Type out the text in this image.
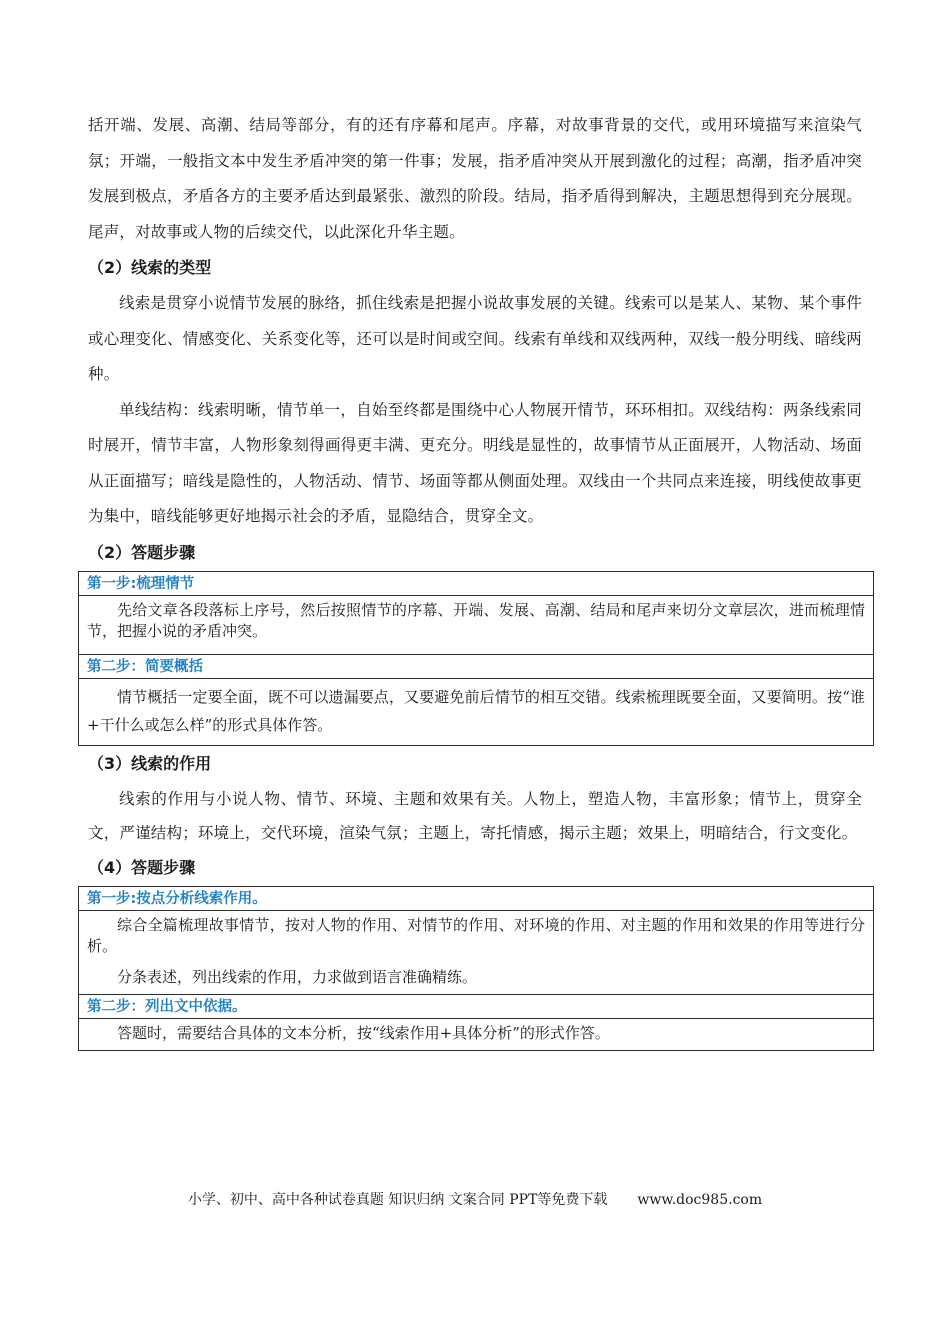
括开端、发展、高潮、结局等部分，有的还有序幕和尾声。序幕，对故事背景的交代，或用环境描写来渲染气氛；开端，一般指文本中发生矛盾冲突的第一件事；发展，指矛盾冲突从开展到激化的过程；高潮，指矛盾冲突发展到极点，矛盾各方的主要矛盾达到最紧张、激烈的阶段。结局，指矛盾得到解决，主题思想得到充分展现。尾声，对故事或人物的后续交代，以此深化升华主题。

（2）线索的类型

线索是贯穿小说情节发展的脉络，抓住线索是把握小说故事发展的关键。线索可以是某人、某物、某个事件或心理变化、情感变化、关系变化等，还可以是时间或空间。线索有单线和双线两种，双线一般分明线、暗线两种。

单线结构：线索明晰，情节单一，自始至终都是围绕中心人物展开情节，环环相扣。双线结构：两条线索同时展开，情节丰富，人物形象刻得画得更丰满、更充分。明线是显性的，故事情节从正面展开，人物活动、场面从正面描写；暗线是隐性的，人物活动、情节、场面等都从侧面处理。双线由一个共同点来连接，明线使故事更为集中，暗线能够更好地揭示社会的矛盾，显隐结合，贯穿全文。

（2）答题步骤
第一步:梳理情节

先给文章各段落标上序号，然后按照情节的序幕、开端、发展、高潮、结局和尾声来切分文章层次，进而梳理情节，把握小说的矛盾冲突。

第二步：简要概括

情节概括一定要全面，既不可以遗漏要点，又要避免前后情节的相互交错。线索梳理既要全面，又要简明。按“谁+干什么或怎么样”的形式具体作答。

（3）线索的作用

线索的作用与小说人物、情节、环境、主题和效果有关。人物上，塑造人物，丰富形象；情节上，贯穿全文，严谨结构；环境上，交代环境，渲染气氛；主题上，寄托情感，揭示主题；效果上，明暗结合，行文变化。

（4）答题步骤
第一步:按点分析线索作用。

综合全篇梳理故事情节，按对人物的作用、对情节的作用、对环境的作用、对主题的作用和效果的作用等进行分析。

分条表述，列出线索的作用，力求做到语言准确精练。

第二步：列出文中依据。

答题时，需要结合具体的文本分析，按“线索作用+具体分析”的形式作答。

小学、初中、高中各种试卷真题 知识归纳 文案合同 PPT等免费下载 www.doc985.com
